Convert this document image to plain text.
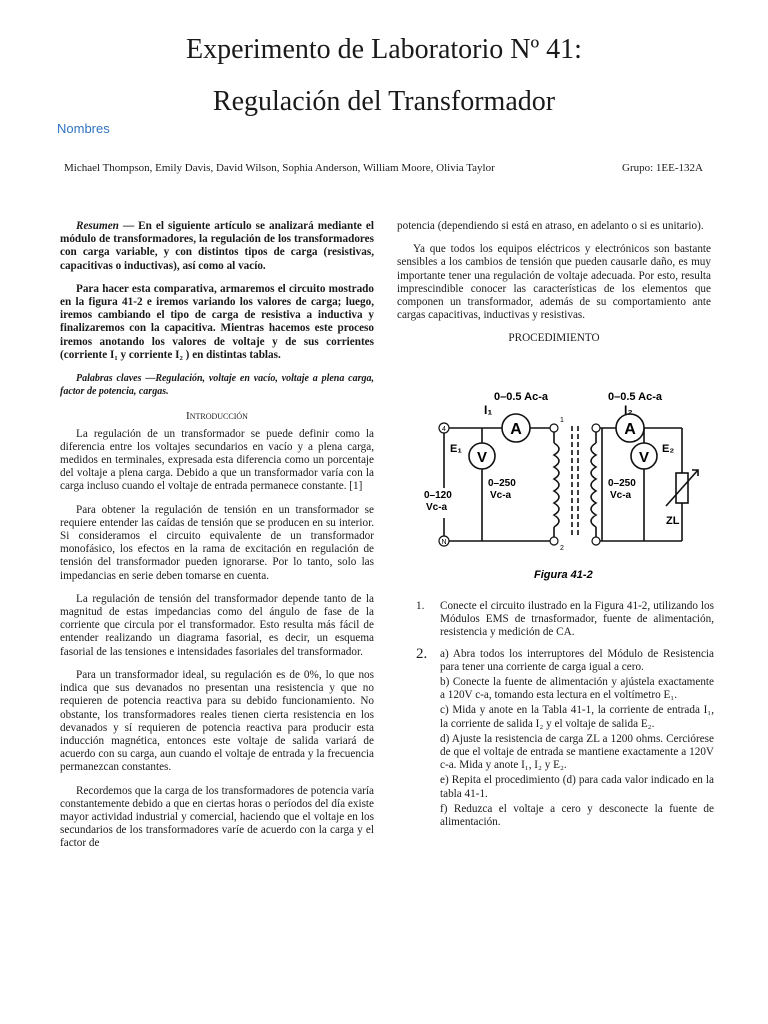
Experimento de Laboratorio Nº 41:
Regulación del Transformador
Nombres
Michael Thompson, Emily Davis, David Wilson, Sophia Anderson, William Moore, Olivia Taylor	Grupo: 1EE-132A

Resumen — En el siguiente artículo se analizará mediante el módulo de transformadores, la regulación de los transformadores con carga variable, y con distintos tipos de carga (resistivas, capacitivas o inductivas), así como al vacío.

Para hacer esta comparativa, armaremos el circuito mostrado en la figura 41-2 e iremos variando los valores de carga; luego, iremos cambiando el tipo de carga de resistiva a inductiva y finalizaremos con la capacitiva. Mientras hacemos este proceso iremos anotando los valores de voltaje y de sus corrientes (corriente I₁ y corriente I₂ ) en distintas tablas.

Palabras claves —Regulación, voltaje en vacío, voltaje a plena carga, factor de potencia, cargas.

Introducción

La regulación de un transformador se puede definir como la diferencia entre los voltajes secundarios en vacío y a plena carga, medidos en terminales, expresada esta diferencia como un porcentaje del voltaje a plena carga. Debido a que un transformador varía con la carga incluso cuando el voltaje de entrada permanece constante. [1]

Para obtener la regulación de tensión en un transformador se requiere entender las caídas de tensión que se producen en su interior. Si consideramos el circuito equivalente de un transformador monofásico, los efectos en la rama de excitación en regulación de tensión del transformador pueden ignorarse. Por lo tanto, solo las impedancias en serie deben tomarse en cuenta.

La regulación de tensión del transformador depende tanto de la magnitud de estas impedancias como del ángulo de fase de la corriente que circula por el transformador. Esto resulta más fácil de entender realizando un diagrama fasorial, es decir, un esquema fasorial de las tensiones e intensidades fasoriales del transformador.

Para un transformador ideal, su regulación es de 0%, lo que nos indica que sus devanados no presentan una resistencia y que no requieren de potencia reactiva para su debido funcionamiento. No obstante, los transformadores reales tienen cierta resistencia en los devanados y sí requieren de potencia reactiva para producir esta inducción magnética, entonces este voltaje de salida variará de acuerdo con su carga, aun cuando el voltaje de entrada y la frecuencia permanezcan constantes.

Recordemos que la carga de los transformadores de potencia varía constantemente debido a que en ciertas horas o períodos del día existe mayor actividad industrial y comercial, haciendo que el voltaje en los secundarios de los transformadores varíe de acuerdo con la carga y el factor de

potencia (dependiendo si está en atraso, en adelanto o si es unitario).

Ya que todos los equipos eléctricos y electrónicos son bastante sensibles a los cambios de tensión que pueden causarle daño, es muy importante tener una regulación de voltaje adecuada. Por esto, resulta imprescindible conocer las características de los elementos que componen un transformador, además de su comportamiento ante cargas capacitivas, inductivas y resistivas.

PROCEDIMIENTO
A
V
A
V
4
N
1
2
0–0.5 Ac-a
I₁
0–0.5 Ac-a
I₂
E₁	E₂
0–120
Vc-a
0–250
Vc-a
0–250
Vc-a
ZL
Figura 41-2
1.	Conecte el circuito ilustrado en la Figura 41-2, utilizando los Módulos EMS de trnasformador, fuente de alimentación, resistencia y medición de CA.
2.	a) Abra todos los interruptores del Módulo de Resistencia para tener una corriente de carga igual a cero.

b) Conecte la fuente de alimentación y ajústela exactamente a 120V c-a, tomando esta lectura en el voltímetro E₁.

c) Mida y anote en la Tabla 41-1, la corriente de entrada I₁, la corriente de salida I₂ y el voltaje de salida E₂.

d) Ajuste la resistencia de carga ZL a 1200 ohms. Cerciórese de que el voltaje de entrada se mantiene exactamente a 120V c-a. Mida y anote I₁, I₂ y E₂.

e) Repita el procedimiento (d) para cada valor indicado en la tabla 41-1.

f) Reduzca el voltaje a cero y desconecte la fuente de alimentación.
